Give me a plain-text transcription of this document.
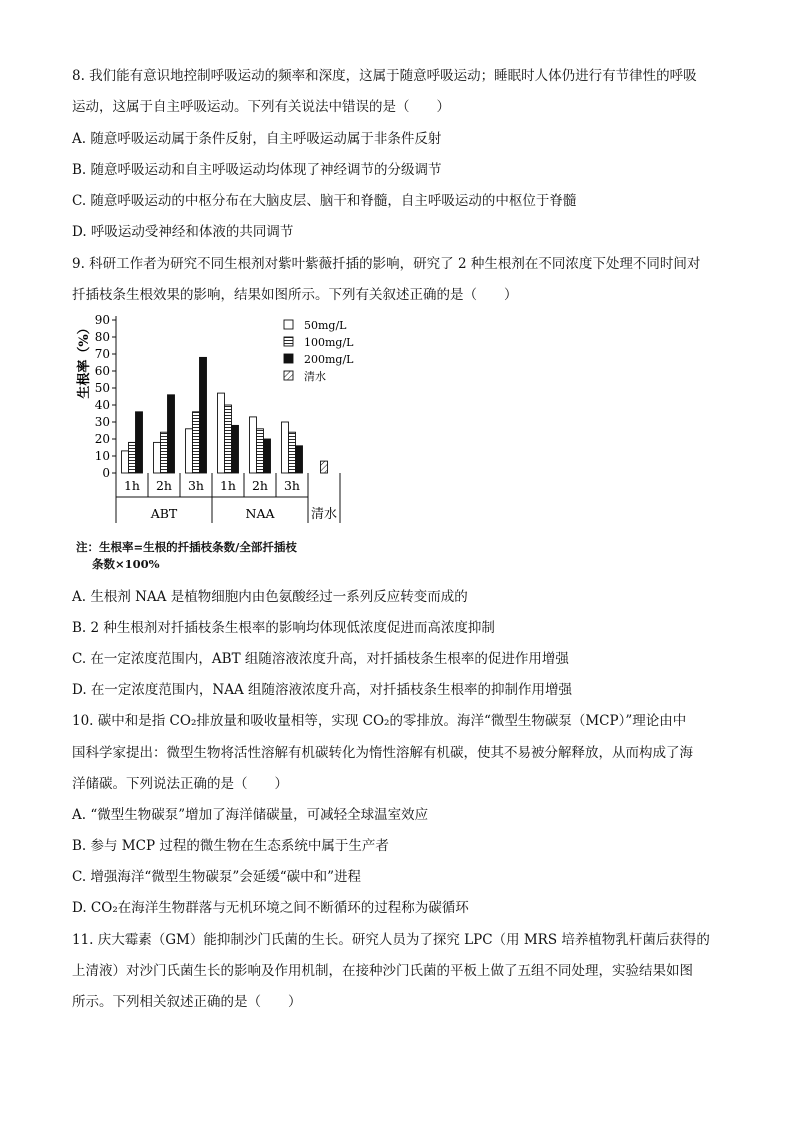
8. 我们能有意识地控制呼吸运动的频率和深度，这属于随意呼吸运动；睡眠时人体仍进行有节律性的呼吸
运动，这属于自主呼吸运动。下列有关说法中错误的是（　　）
A. 随意呼吸运动属于条件反射，自主呼吸运动属于非条件反射
B. 随意呼吸运动和自主呼吸运动均体现了神经调节的分级调节
C. 随意呼吸运动的中枢分布在大脑皮层、脑干和脊髓，自主呼吸运动的中枢位于脊髓
D. 呼吸运动受神经和体液的共同调节
9. 科研工作者为研究不同生根剂对紫叶紫薇扦插的影响，研究了 2 种生根剂在不同浓度下处理不同时间对
扦插枝条生根效果的影响，结果如图所示。下列有关叙述正确的是（　　）
0
10
20
30
40
50
60
70
80
90
生根率（%）
1h 2h 3h
ABT
1h 2h 3h
NAA	清水
50mg/L
100mg/L
200mg/L
清水
注：生根率=生根的扦插枝条数/全部扦插枝
条数×100%
A. 生根剂 NAA 是植物细胞内由色氨酸经过一系列反应转变而成的
B. 2 种生根剂对扦插枝条生根率的影响均体现低浓度促进而高浓度抑制
C. 在一定浓度范围内，ABT 组随溶液浓度升高，对扦插枝条生根率的促进作用增强
D. 在一定浓度范围内，NAA 组随溶液浓度升高，对扦插枝条生根率的抑制作用增强
10. 碳中和是指 CO₂排放量和吸收量相等，实现 CO₂的零排放。海洋“微型生物碳泵（MCP）”理论由中
国科学家提出：微型生物将活性溶解有机碳转化为惰性溶解有机碳，使其不易被分解释放，从而构成了海
洋储碳。下列说法正确的是（　　）
A. “微型生物碳泵”增加了海洋储碳量，可减轻全球温室效应
B. 参与 MCP 过程的微生物在生态系统中属于生产者
C. 增强海洋“微型生物碳泵”会延缓“碳中和”进程
D. CO₂在海洋生物群落与无机环境之间不断循环的过程称为碳循环
11. 庆大霉素（GM）能抑制沙门氏菌的生长。研究人员为了探究 LPC（用 MRS 培养植物乳杆菌后获得的
上清液）对沙门氏菌生长的影响及作用机制，在接种沙门氏菌的平板上做了五组不同处理，实验结果如图
所示。下列相关叙述正确的是（　　）
